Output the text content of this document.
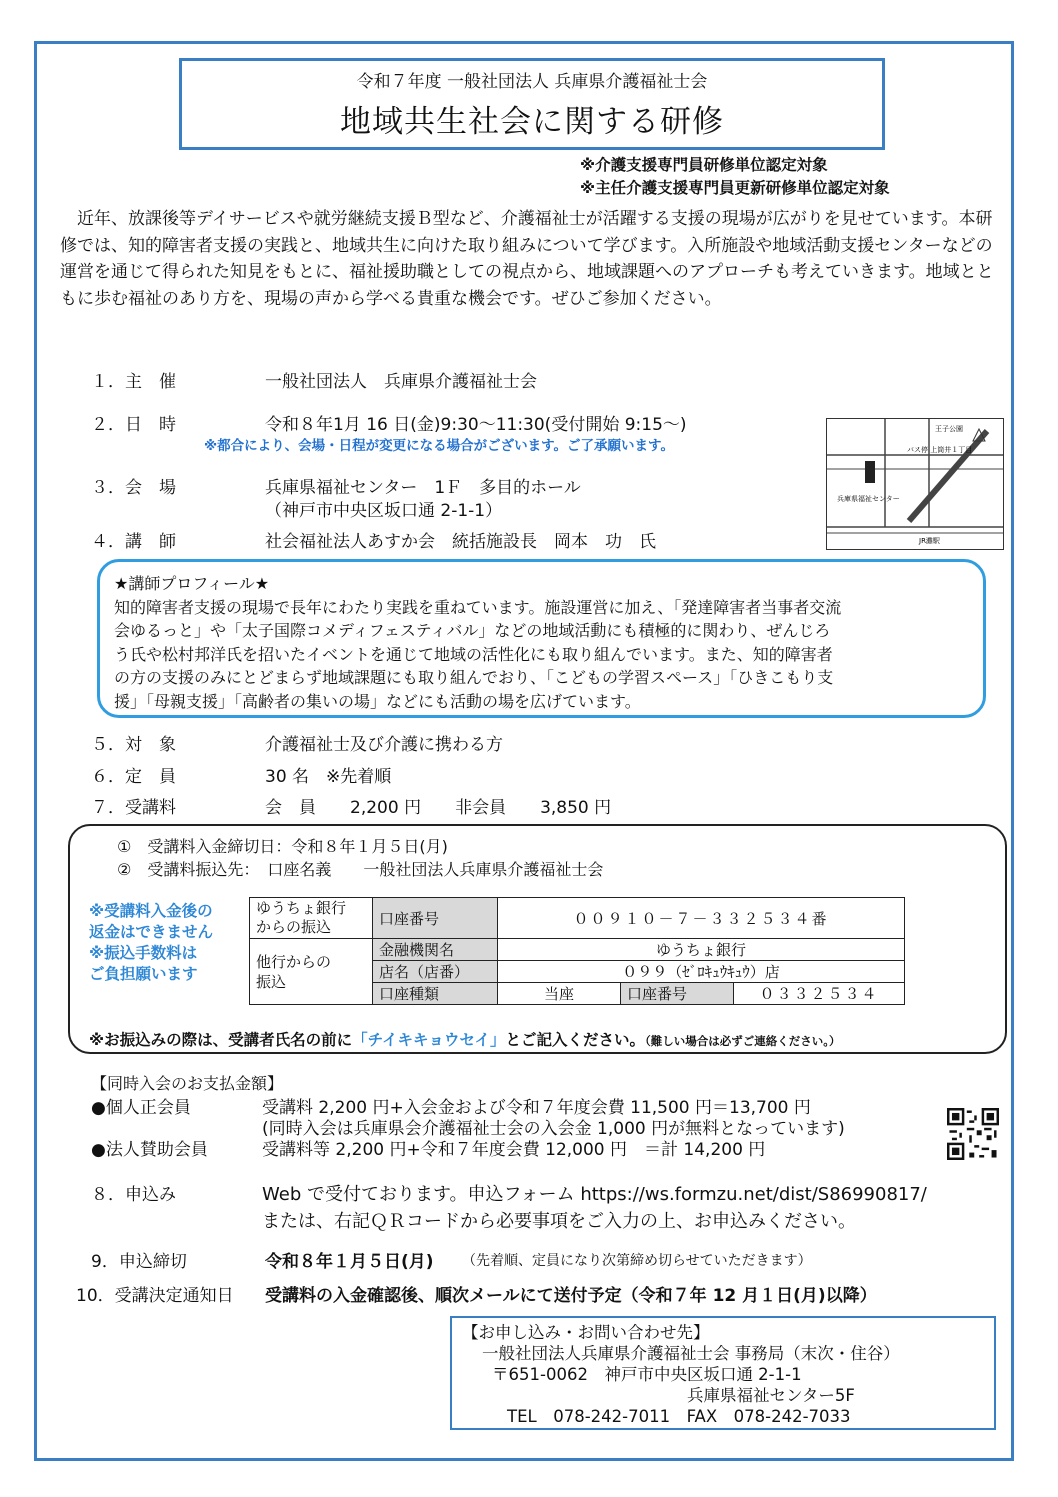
令和７年度 一般社団法人 兵庫県介護福祉士会
地域共生社会に関する研修
※介護支援専門員研修単位認定対象
※主任介護支援専門員更新研修単位認定対象
近年、放課後等デイサービスや就労継続支援Ｂ型など、介護福祉士が活躍する支援の現場が広がりを見せています。本研修では、知的障害者支援の実践と、地域共生に向けた取り組みについて学びます。入所施設や地域活動支援センターなどの運営を通じて得られた知見をもとに、福祉援助職としての視点から、地域課題へのアプローチも考えていきます。地域とともに歩む福祉のあり方を、現場の声から学べる貴重な機会です。ぜひご参加ください。
１．主　催	一般社団法人　兵庫県介護福祉士会
２．日　時	令和８年1月 16 日(金)9:30～11:30(受付開始 9:15～)
※都合により、会場・日程が変更になる場合がございます。ご了承願います。
３．会　場	兵庫県福祉センター　1Ｆ　多目的ホール
（神戸市中央区坂口通 2-1-1）
４．講　師	社会福祉法人あすか会　統括施設長　岡本　功　氏
バス停 上筒井１丁目
兵庫県福祉センター
JR灘駅
王子公園
★講師プロフィール★
知的障害者支援の現場で長年にわたり実践を重ねています。施設運営に加え、「発達障害者当事者交流
会ゆるっと」や「太子国際コメディフェスティバル」などの地域活動にも積極的に関わり、ぜんじろ
う氏や松村邦洋氏を招いたイベントを通じて地域の活性化にも取り組んでいます。また、知的障害者
の方の支援のみにとどまらず地域課題にも取り組んでおり、「こどもの学習スペース」「ひきこもり支
援」「母親支援」「高齢者の集いの場」などにも活動の場を広げています。
５．対　象	介護福祉士及び介護に携わる方
６．定　員	30 名　※先着順
７．受講料	会　員　　2,200 円　　非会員　　3,850 円
①　受講料入金締切日：令和８年１月５日(月)
②　受講料振込先：　口座名義　　一般社団法人兵庫県介護福祉士会
※受講料入金後の
返金はできません
※振込手数料は
ご負担願います
ゆうちょ銀行
からの振込	口座番号	００９１０－７－３３２５３４番		

他行からの
振込	金融機関名	ゆうちょ銀行		
	店名（店番）	０９９（ｾﾞﾛｷｭｳｷｭｳ）店		
	口座種類	当座	口座番号	０３３２５３４
※お振込みの際は、受講者氏名の前に「チイキキョウセイ」とご記入ください。（難しい場合は必ずご連絡ください。）
【同時入会のお支払金額】
●個人正会員	受講料 2,200 円+入会金および令和７年度会費 11,500 円＝13,700 円
(同時入会は兵庫県会介護福祉士会の入会金 1,000 円が無料となっています)
●法人賛助会員	受講料等 2,200 円+令和７年度会費 12,000 円　＝計 14,200 円
８．申込み	Web で受付ております。申込フォーム https://ws.formzu.net/dist/S86990817/
または、右記ＱＲコードから必要事項をご入力の上、お申込みください。
9．申込締切	令和８年１月５日(月) （先着順、定員になり次第締め切らせていただきます）
10．受講決定通知日 受講料の入金確認後、順次メールにて送付予定（令和７年 12 月１日(月)以降）
【お申し込み・お問い合わせ先】
一般社団法人兵庫県介護福祉士会 事務局（末次・住谷）
〒651-0062　神戸市中央区坂口通 2-1-1
兵庫県福祉センター5F
TEL　078-242-7011　FAX　078-242-7033
